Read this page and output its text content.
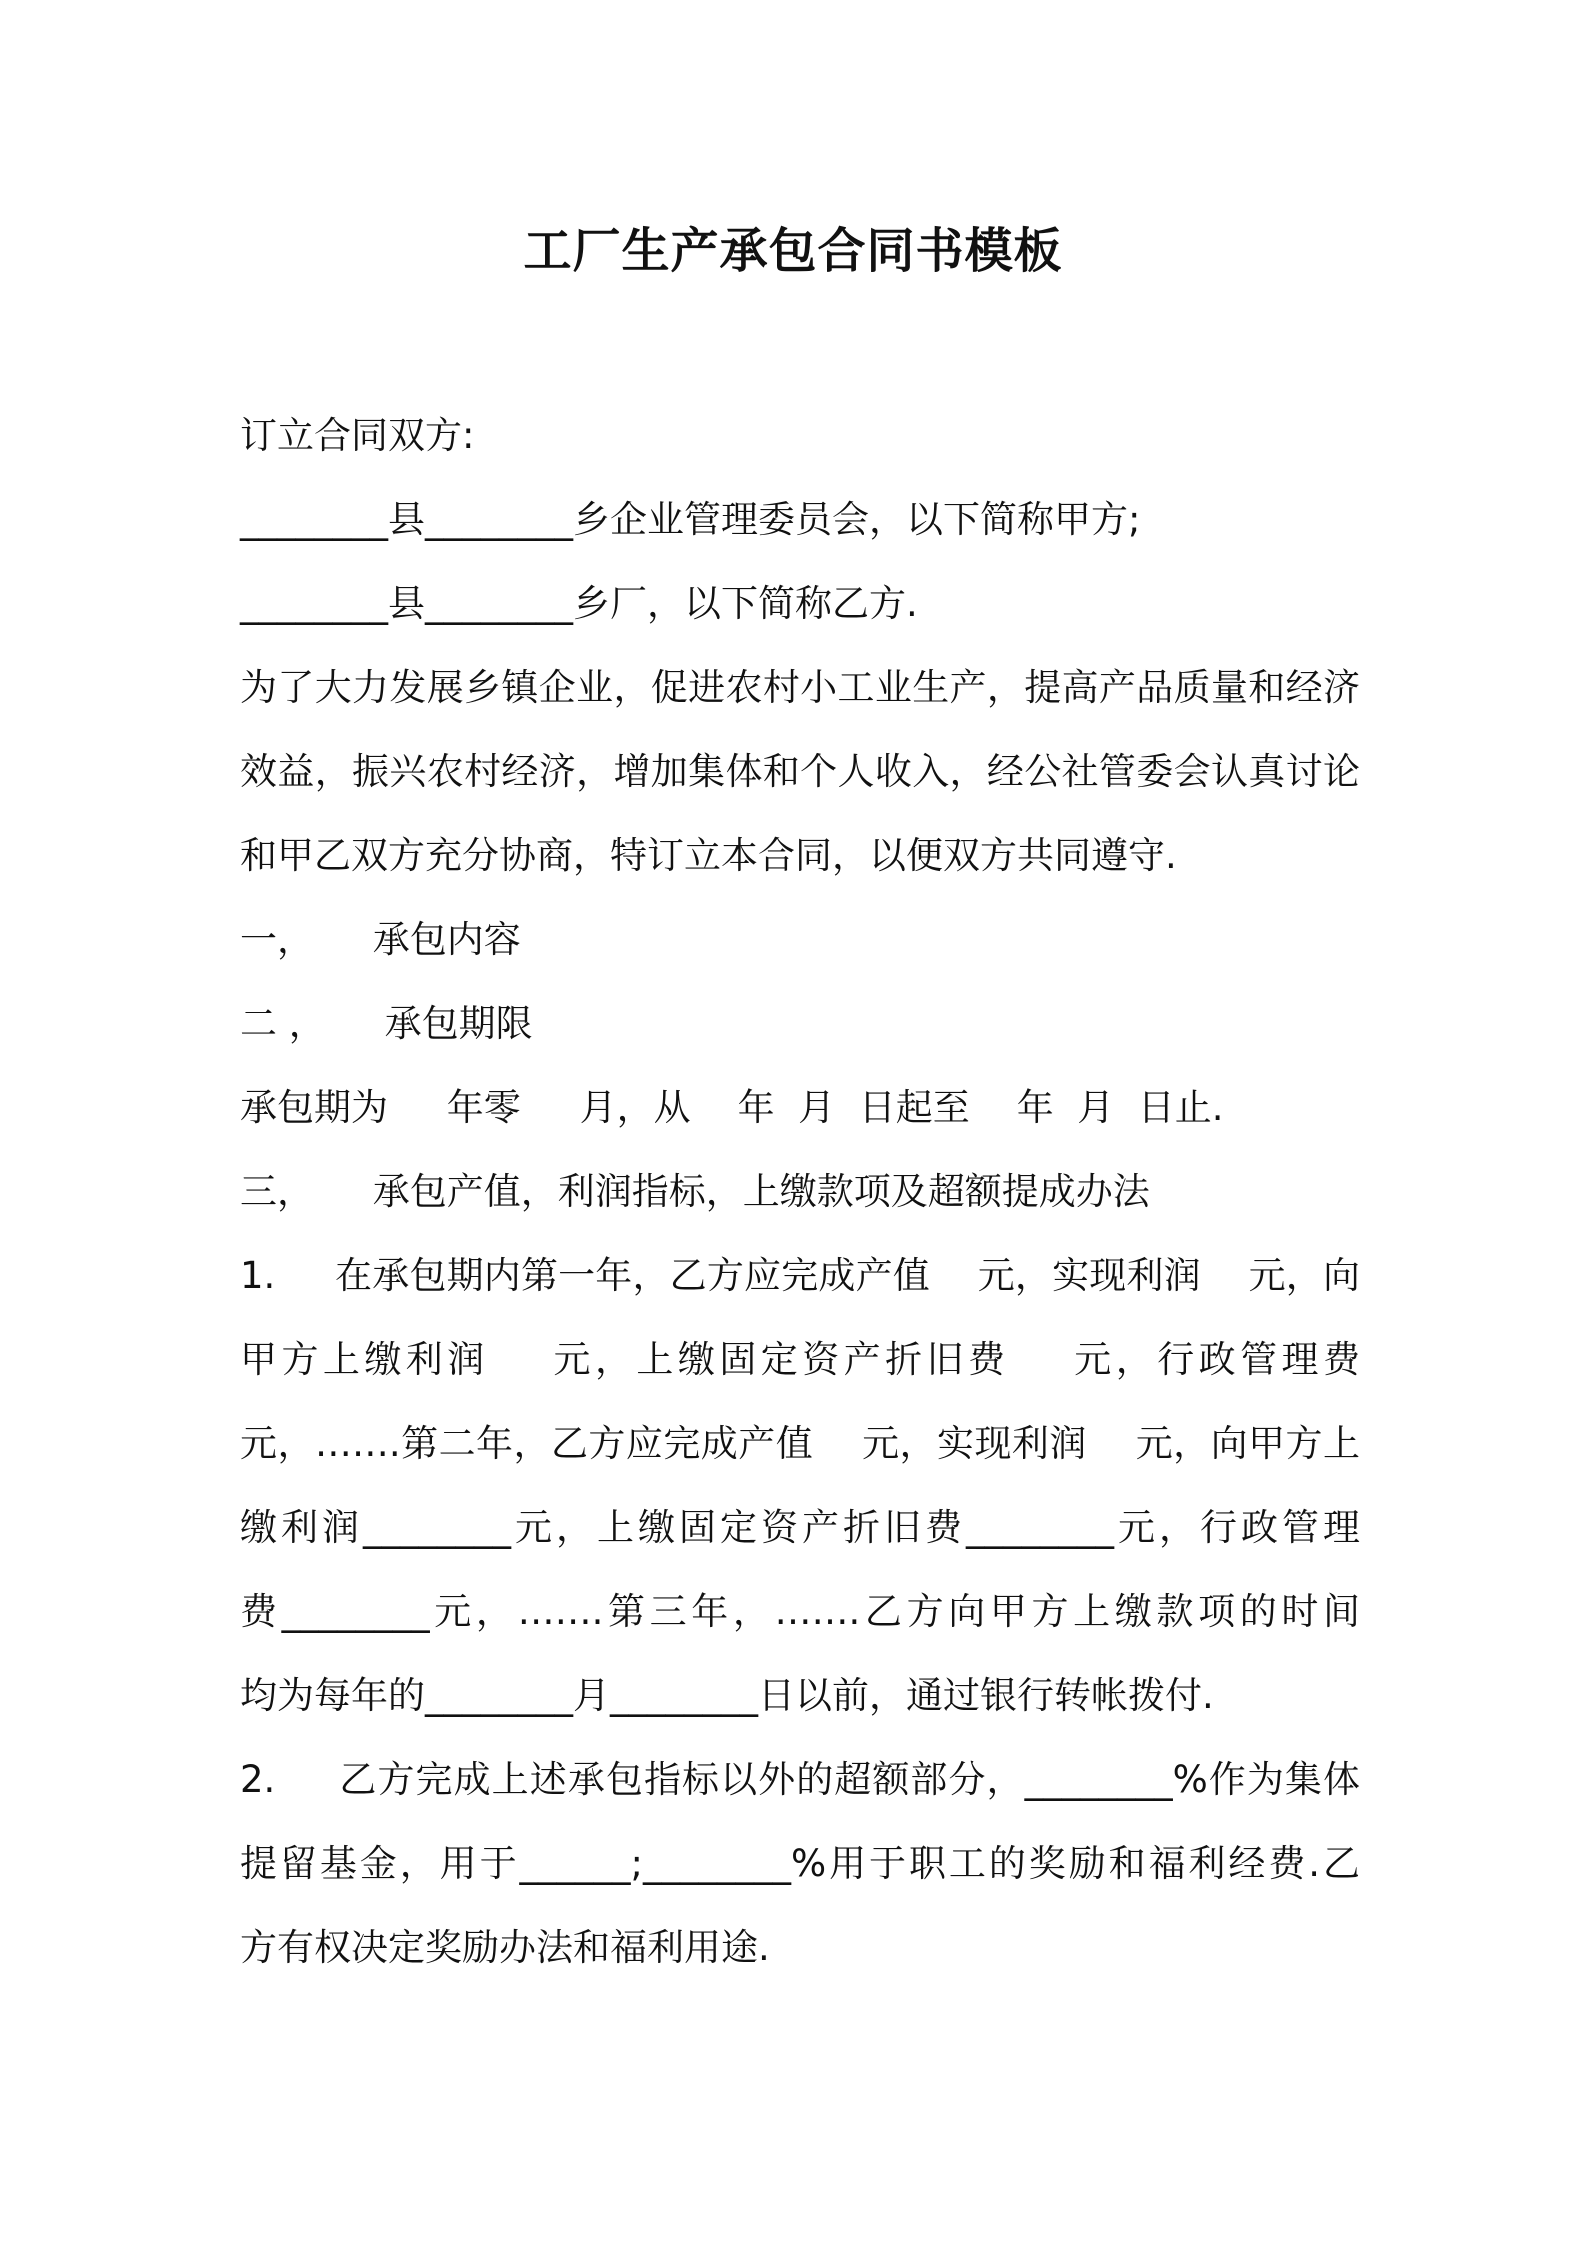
工厂生产承包合同书模板
订立合同双方:
________县________乡企业管理委员会，以下简称甲方;
________县________乡厂，以下简称乙方.
为了大力发展乡镇企业，促进农村小工业生产，提高产品质量和经济
效益，振兴农村经济，增加集体和个人收入，经公社管委会认真讨论
和甲乙双方充分协商，特订立本合同，以便双方共同遵守.
一，     承包内容
二 ，     承包期限
承包期为     年零     月，从    年  月  日起至    年  月  日止.
三，     承包产值，利润指标，上缴款项及超额提成办法
1.     在承包期内第一年，乙方应完成产值    元，实现利润    元，向
甲方上缴利润    元，上缴固定资产折旧费    元，行政管理费
元，…….第二年，乙方应完成产值    元，实现利润    元，向甲方上
缴利润________元，上缴固定资产折旧费________元，行政管理
费________元，…….第三年，…….乙方向甲方上缴款项的时间
均为每年的________月________日以前，通过银行转帐拨付.
2.     乙方完成上述承包指标以外的超额部分，________%作为集体
提留基金，用于______;________%用于职工的奖励和福利经费.乙
方有权决定奖励办法和福利用途.
